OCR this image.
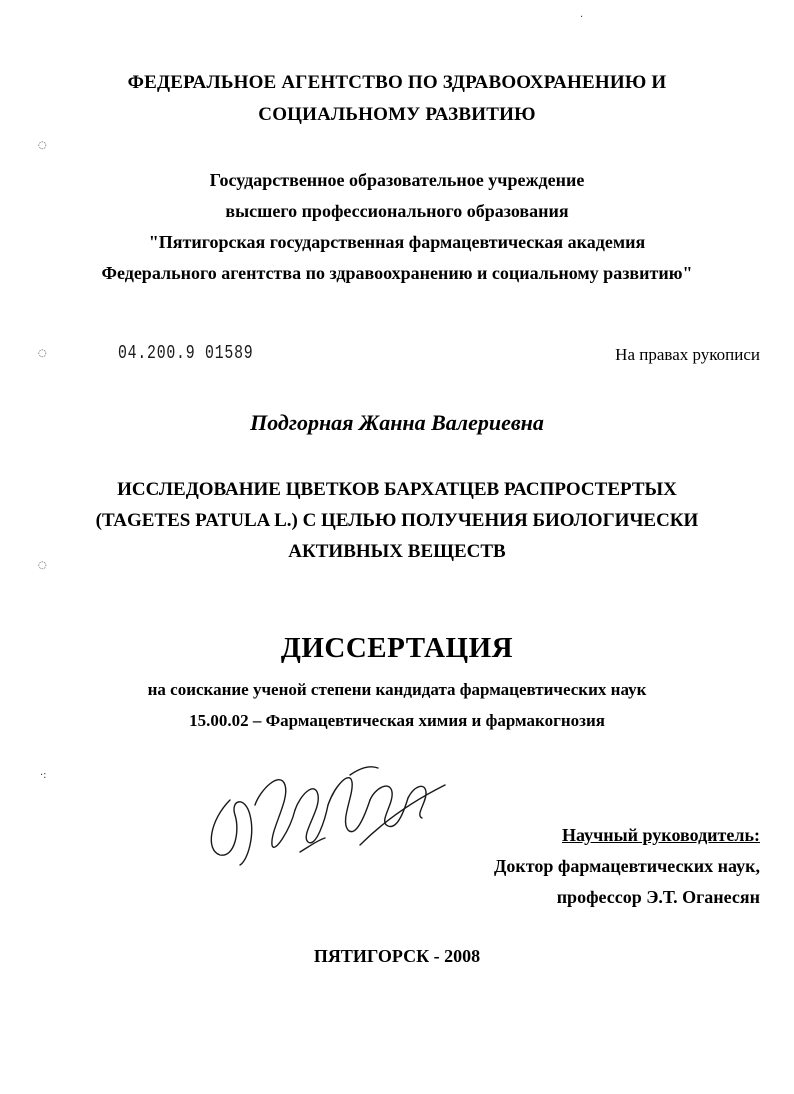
ФЕДЕРАЛЬНОЕ АГЕНТСТВО ПО ЗДРАВООХРАНЕНИЮ И
СОЦИАЛЬНОМУ РАЗВИТИЮ
Государственное образовательное учреждение
высшего профессионального образования
"Пятигорская государственная фармацевтическая академия
Федерального агентства по здравоохранению и социальному развитию"
04.200.9 01589	На правах рукописи
Подгорная Жанна Валериевна
ИССЛЕДОВАНИЕ ЦВЕТКОВ БАРХАТЦЕВ РАСПРОСТЕРТЫХ
(TAGETES PATULA L.) С ЦЕЛЬЮ ПОЛУЧЕНИЯ БИОЛОГИЧЕСКИ
АКТИВНЫХ ВЕЩЕСТВ
ДИССЕРТАЦИЯ
на соискание ученой степени кандидата фармацевтических наук
15.00.02 – Фармацевтическая химия и фармакогнозия
Научный руководитель:
Доктор фармацевтических наук,
профессор Э.Т. Оганесян
ПЯТИГОРСК - 2008
◌
◌
◌
·:
·
